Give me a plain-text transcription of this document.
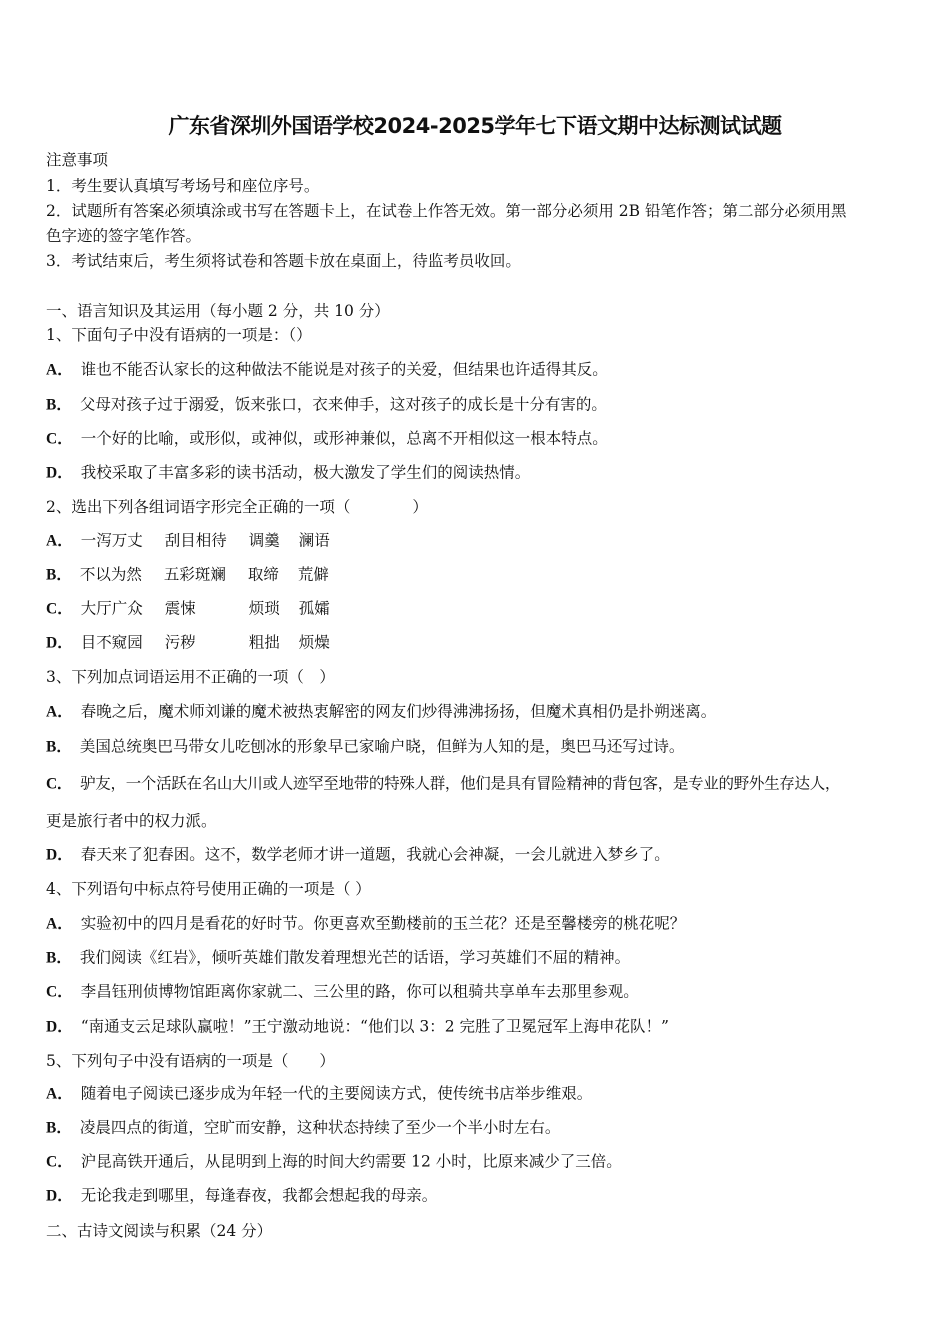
广东省深圳外国语学校2024-2025学年七下语文期中达标测试试题
注意事项
1．考生要认真填写考场号和座位序号。
2．试题所有答案必须填涂或书写在答题卡上，在试卷上作答无效。第一部分必须用 2B 铅笔作答；第二部分必须用黑
色字迹的签字笔作答。
3．考试结束后，考生须将试卷和答题卡放在桌面上，待监考员收回。
一、语言知识及其运用（每小题 2 分，共 10 分）
1、下面句子中没有语病的一项是：（）
A． 谁也不能否认家长的这种做法不能说是对孩子的关爱，但结果也许适得其反。
B． 父母对孩子过于溺爱，饭来张口，衣来伸手，这对孩子的成长是十分有害的。
C． 一个好的比喻，或形似，或神似，或形神兼似，总离不开相似这一根本特点。
D． 我校采取了丰富多彩的读书活动，极大激发了学生们的阅读热情。
2、选出下列各组词语字形完全正确的一项（　　　　）
A． 一泻万丈 刮目相待 调羹 澜语
B． 不以为然 五彩斑斓 取缔 荒僻
C． 大厅广众 震悚	烦琐 孤孀
D． 目不窥园 污秽	粗拙 烦燥
3、下列加点词语运用不正确的一项（　）
A． 春晚之后，魔术师刘谦的魔术被热衷解密的网友们炒得沸沸扬扬，但魔术真相仍是扑朔迷离。
B． 美国总统奥巴马带女儿吃刨冰的形象早已家喻户晓，但鲜为人知的是，奥巴马还写过诗。
C． 驴友，一个活跃在名山大川或人迹罕至地带的特殊人群，他们是具有冒险精神的背包客，是专业的野外生存达人，
更是旅行者中的权力派。
D． 春天来了犯春困。这不，数学老师才讲一道题，我就心会神凝，一会儿就进入梦乡了。
4、下列语句中标点符号使用正确的一项是（ ）
A． 实验初中的四月是看花的好时节。你更喜欢至勤楼前的玉兰花？还是至馨楼旁的桃花呢？
B． 我们阅读《红岩》，倾听英雄们散发着理想光芒的话语，学习英雄们不屈的精神。
C． 李昌钰刑侦博物馆距离你家就二、三公里的路，你可以租骑共享单车去那里参观。
D． “南通支云足球队赢啦！”王宁激动地说：“他们以 3：2 完胜了卫冕冠军上海申花队！”
5、下列句子中没有语病的一项是（　　）
A． 随着电子阅读已逐步成为年轻一代的主要阅读方式，使传统书店举步维艰。
B． 凌晨四点的街道，空旷而安静，这种状态持续了至少一个半小时左右。
C． 沪昆高铁开通后，从昆明到上海的时间大约需要 12 小时，比原来减少了三倍。
D． 无论我走到哪里，每逢春夜，我都会想起我的母亲。
二、古诗文阅读与积累（24 分）
